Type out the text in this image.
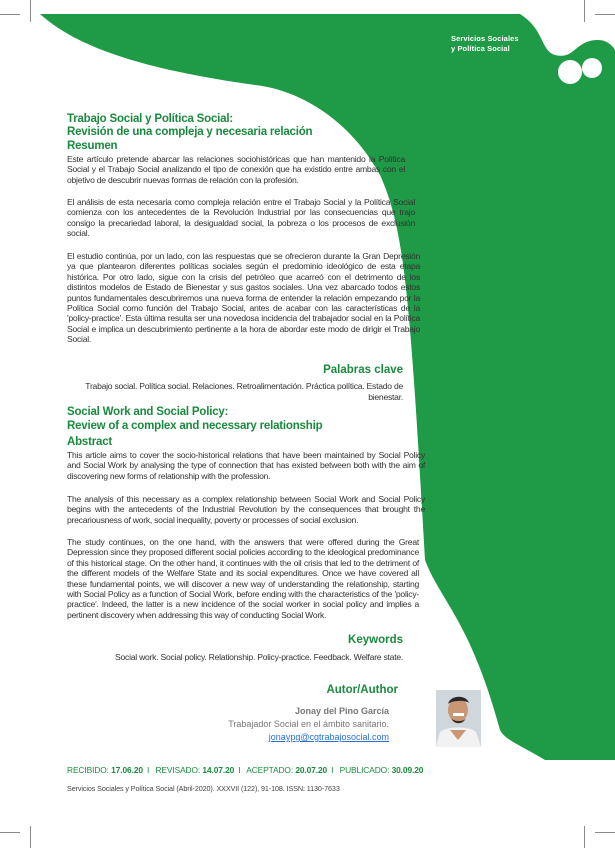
Servicios Sociales
y Política Social
Trabajo Social y Política Social:
Revisión de una compleja y necesaria relación
Resumen

Este artículo pretende abarcar las relaciones sociohistóricas que han mantenido la Política Social y el Trabajo Social analizando el tipo de conexión que ha existido entre ambas con el objetivo de descubrir nuevas formas de relación con la profesión.

El análisis de esta necesaria como compleja relación entre el Trabajo Social y la Política Social comienza con los antecedentes de la Revolución Industrial por las consecuencias que trajo consigo la precariedad laboral, la desigualdad social, la pobreza o los procesos de exclusión social.

El estudio continúa, por un lado, con las respuestas que se ofrecieron durante la Gran Depresión ya que plantearon diferentes políticas sociales según el predominio ideológico de esta etapa histórica. Por otro lado, sigue con la crisis del petróleo que acarreó con el detrimento de los distintos modelos de Estado de Bienestar y sus gastos sociales. Una vez abarcado todos estos puntos fundamentales descubriremos una nueva forma de entender la relación empezando por la Política Social como función del Trabajo Social, antes de acabar con las características de la 'policy-practice'. Esta última resulta ser una novedosa incidencia del trabajador social en la Política Social e implica un descubrimiento pertinente a la hora de abordar este modo de dirigir el Trabajo Social.

Palabras clave
Trabajo social. Política social. Relaciones. Retroalimentación. Práctica política. Estado de bienestar.
Social Work and Social Policy:
Review of a complex and necessary relationship
Abstract

This article aims to cover the socio-historical relations that have been maintained by Social Policy and Social Work by analysing the type of connection that has existed between both with the aim of discovering new forms of relationship with the profession.

The analysis of this necessary as a complex relationship between Social Work and Social Policy begins with the antecedents of the Industrial Revolution by the consequences that brought the precariousness of work, social inequality, poverty or processes of social exclusion.

The study continues, on the one hand, with the answers that were offered during the Great Depression since they proposed different social policies according to the ideological predominance of this historical stage. On the other hand, it continues with the oil crisis that led to the detriment of the different models of the Welfare State and its social expenditures. Once we have covered all these fundamental points, we will discover a new way of understanding the relationship, starting with Social Policy as a function of Social Work, before ending with the characteristics of the 'policy-practice'. Indeed, the latter is a new incidence of the social worker in social policy and implies a pertinent discovery when addressing this way of conducting Social Work.

Keywords
Social work. Social policy. Relationship. Policy-practice. Feedback. Welfare state.
Autor/Author
Jonay del Pino García
Trabajador Social en el ámbito sanitario.
jonaypg@cgtrabajosocial.com
RECIBIDO: 17.06.20 I REVISADO: 14.07.20 I ACEPTADO: 20.07.20 I PUBLICADO: 30.09.20
Servicios Sociales y Política Social (Abril-2020). XXXVII (122), 91-108. ISSN: 1130-7633	91
